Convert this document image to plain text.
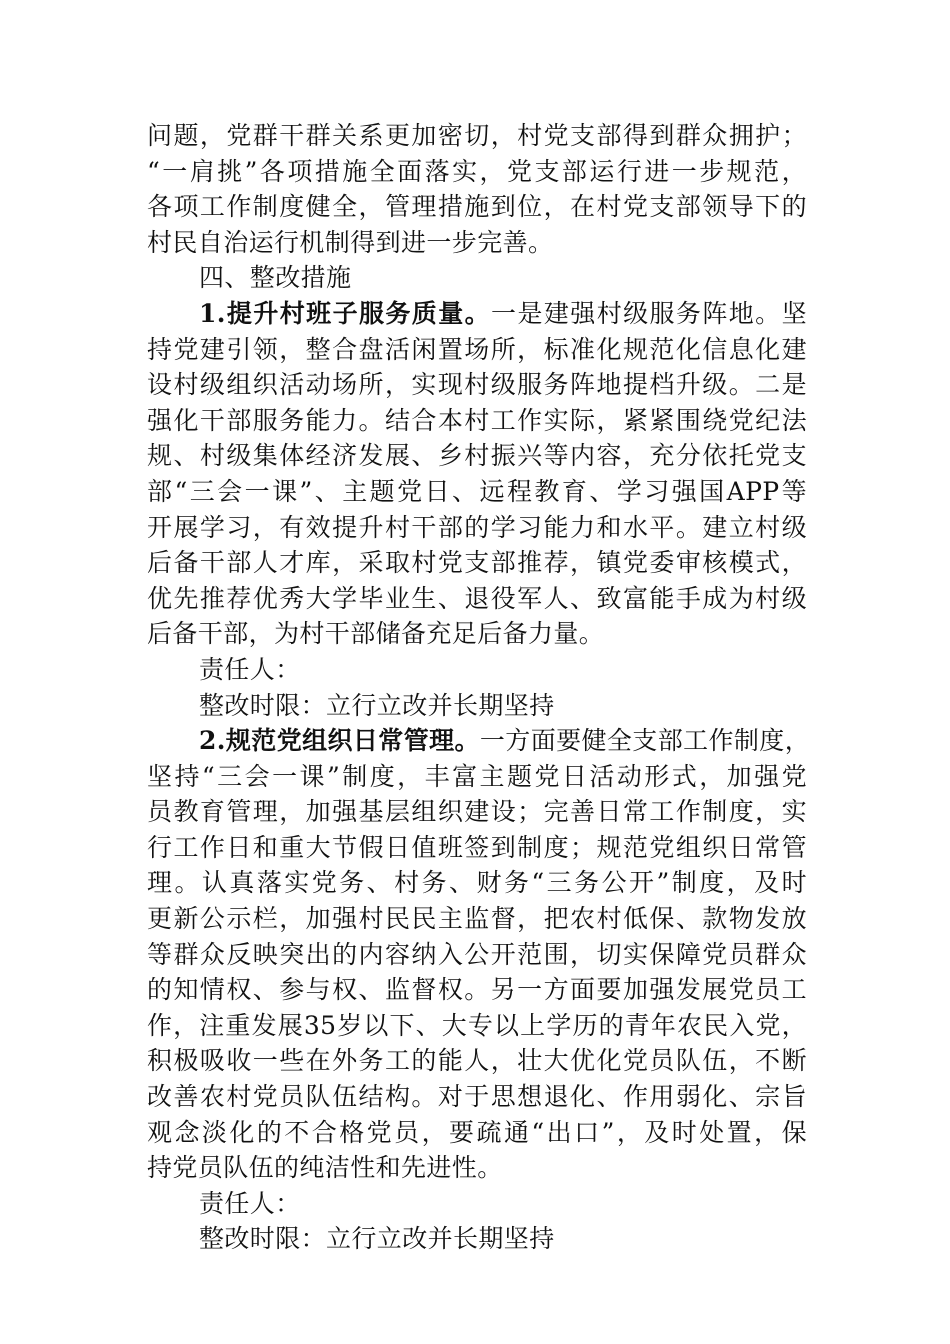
问题，党群干群关系更加密切，村党支部得到群众拥护；
“一肩挑”各项措施全面落实，党支部运行进一步规范，
各项工作制度健全，管理措施到位，在村党支部领导下的
村民自治运行机制得到进一步完善。
四、整改措施
1.提升村班子服务质量。一是建强村级服务阵地。坚
持党建引领，整合盘活闲置场所，标准化规范化信息化建
设村级组织活动场所，实现村级服务阵地提档升级。二是
强化干部服务能力。结合本村工作实际，紧紧围绕党纪法
规、村级集体经济发展、乡村振兴等内容，充分依托党支
部“三会一课”、主题党日、远程教育、学习强国APP等
开展学习，有效提升村干部的学习能力和水平。建立村级
后备干部人才库，采取村党支部推荐，镇党委审核模式，
优先推荐优秀大学毕业生、退役军人、致富能手成为村级
后备干部，为村干部储备充足后备力量。
责任人：
整改时限：立行立改并长期坚持
2.规范党组织日常管理。一方面要健全支部工作制度，
坚持“三会一课”制度，丰富主题党日活动形式，加强党
员教育管理，加强基层组织建设；完善日常工作制度，实
行工作日和重大节假日值班签到制度；规范党组织日常管
理。认真落实党务、村务、财务“三务公开”制度，及时
更新公示栏，加强村民民主监督，把农村低保、款物发放
等群众反映突出的内容纳入公开范围，切实保障党员群众
的知情权、参与权、监督权。另一方面要加强发展党员工
作，注重发展35岁以下、大专以上学历的青年农民入党，
积极吸收一些在外务工的能人，壮大优化党员队伍，不断
改善农村党员队伍结构。对于思想退化、作用弱化、宗旨
观念淡化的不合格党员，要疏通“出口”，及时处置，保
持党员队伍的纯洁性和先进性。
责任人：
整改时限：立行立改并长期坚持
